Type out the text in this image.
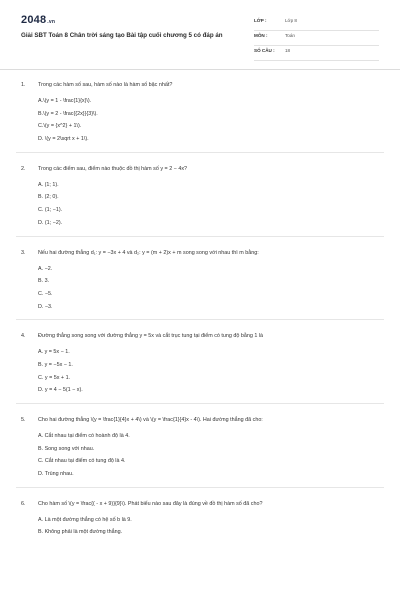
2048.vn
Giải SBT Toán 8 Chân trời sáng tạo Bài tập cuối chương 5 có đáp án
LỚP :	Lớp 8
MÔN :	Toán
SỐ CÂU : 18
1. Trong các hàm số sau, hàm số nào là hàm số bậc nhất?
A.\(y = 1 - \frac{1}{x}\).
B.\(y = 2 - \frac{{2x}}{3}\).
C.\(y = {x^2} + 1\).
D. \(y = 2\sqrt x + 1\).
2. Trong các điểm sau, điểm nào thuộc đồ thị hàm số y = 2 − 4x?
A. (1; 1).
B. (2; 0).
C. (1; −1).
D. (1; −2).
3. Nếu hai đường thẳng d₁: y = −3x + 4 và d₂: y = (m + 2)x + m song song với nhau thì m bằng:
A. −2.
B. 3.
C. −5.
D. −3.
4. Đường thẳng song song với đường thẳng y = 5x và cắt trục tung tại điểm có tung độ bằng 1 là
A. y = 5x − 1.
B. y = −5x − 1.
C. y = 5x + 1.
D. y = 4 − 5(1 − x).
5. Cho hai đường thẳng \(y = \frac{1}{4}x + 4\) và \(y = \frac{1}{4}x - 4\). Hai đường thẳng đã cho:
A. Cắt nhau tại điểm có hoành độ là 4.
B. Song song với nhau.
C. Cắt nhau tại điểm có tung độ là 4.
D. Trùng nhau.
6. Cho hàm số \(y = \frac{( - x + 9)}{9}\). Phát biểu nào sau đây là đúng về đồ thị hàm số đã cho?
A. Là một đường thẳng có hệ số b là 9.
B. Không phải là một đường thẳng.
